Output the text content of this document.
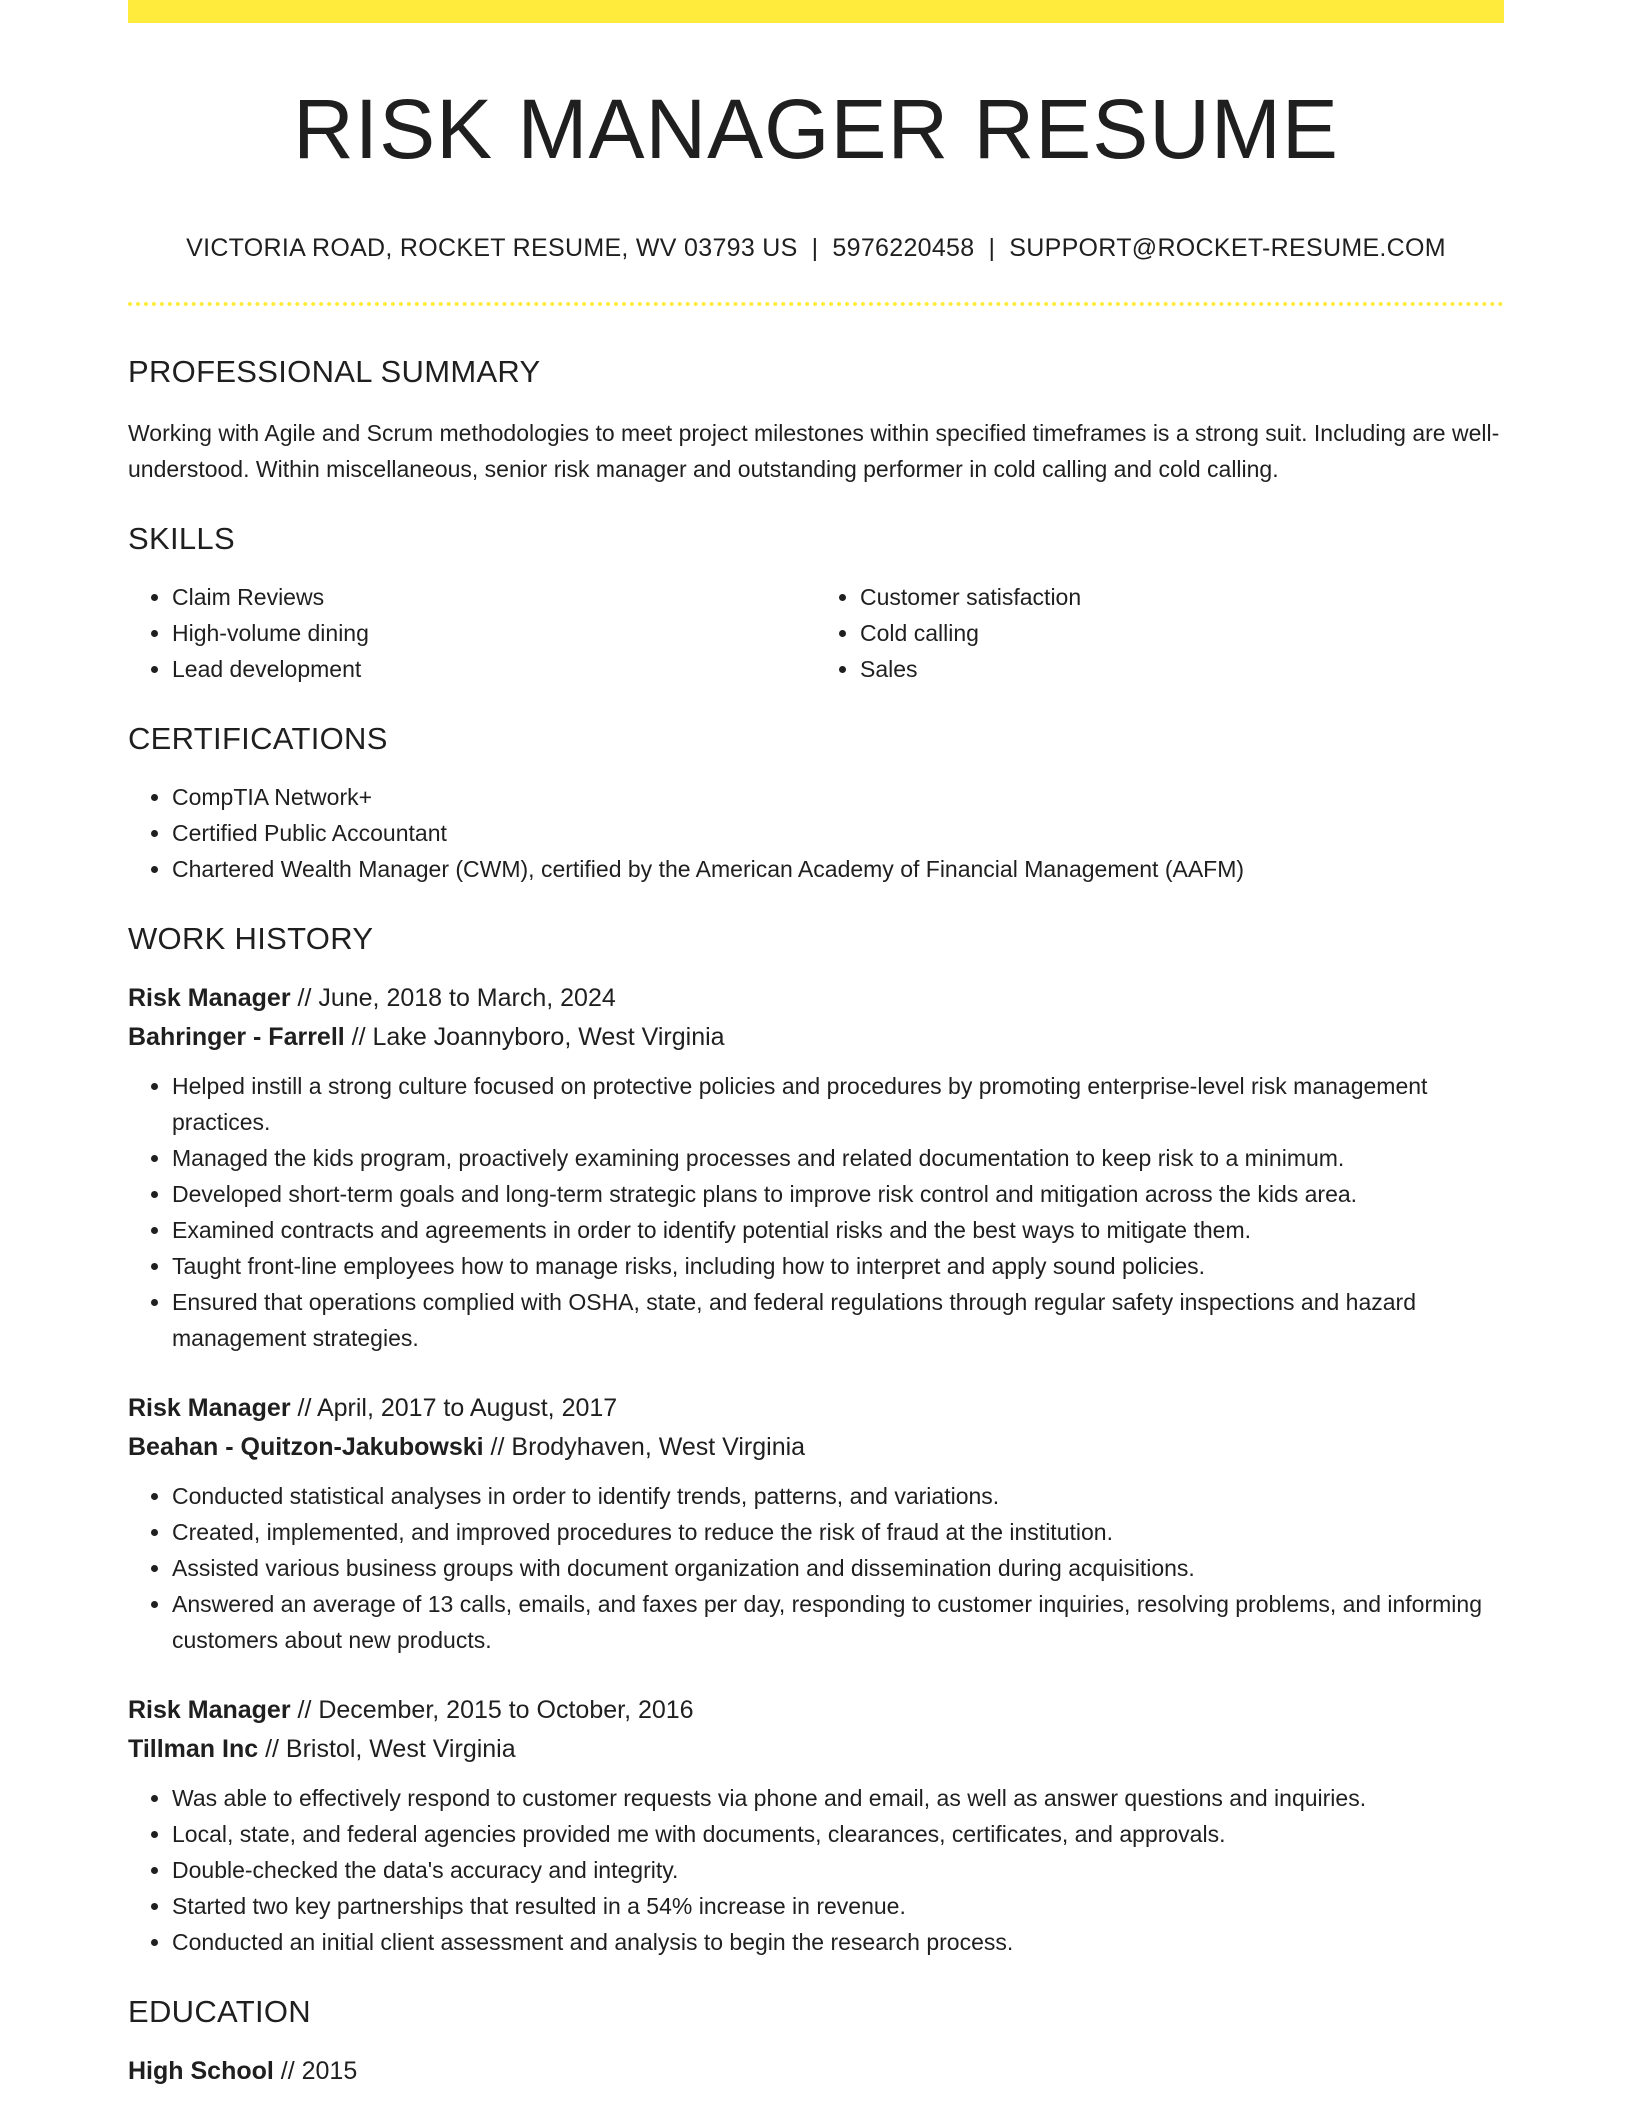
RISK MANAGER RESUME
VICTORIA ROAD, ROCKET RESUME, WV 03793 US | 5976220458 | SUPPORT@ROCKET-RESUME.COM
PROFESSIONAL SUMMARY

Working with Agile and Scrum methodologies to meet project milestones within specified timeframes is a strong suit. Including are well-understood. Within miscellaneous, senior risk manager and outstanding performer in cold calling and cold calling.

SKILLS
• Claim Reviews
• High-volume dining
• Lead development
• Customer satisfaction
• Cold calling
• Sales
CERTIFICATIONS
• CompTIA Network+
• Certified Public Accountant
• Chartered Wealth Manager (CWM), certified by the American Academy of Financial Management (AAFM)
WORK HISTORY

Risk Manager // June, 2018 to March, 2024

Bahringer - Farrell // Lake Joannyboro, West Virginia

• Helped instill a strong culture focused on protective policies and procedures by promoting enterprise-level risk management practices.
• Managed the kids program, proactively examining processes and related documentation to keep risk to a minimum.
• Developed short-term goals and long-term strategic plans to improve risk control and mitigation across the kids area.
• Examined contracts and agreements in order to identify potential risks and the best ways to mitigate them.
• Taught front-line employees how to manage risks, including how to interpret and apply sound policies.
• Ensured that operations complied with OSHA, state, and federal regulations through regular safety inspections and hazard management strategies.

Risk Manager // April, 2017 to August, 2017

Beahan - Quitzon-Jakubowski // Brodyhaven, West Virginia

• Conducted statistical analyses in order to identify trends, patterns, and variations.
• Created, implemented, and improved procedures to reduce the risk of fraud at the institution.
• Assisted various business groups with document organization and dissemination during acquisitions.
• Answered an average of 13 calls, emails, and faxes per day, responding to customer inquiries, resolving problems, and informing customers about new products.

Risk Manager // December, 2015 to October, 2016

Tillman Inc // Bristol, West Virginia

• Was able to effectively respond to customer requests via phone and email, as well as answer questions and inquiries.
• Local, state, and federal agencies provided me with documents, clearances, certificates, and approvals.
• Double-checked the data's accuracy and integrity.
• Started two key partnerships that resulted in a 54% increase in revenue.
• Conducted an initial client assessment and analysis to begin the research process.
EDUCATION

High School // 2015
